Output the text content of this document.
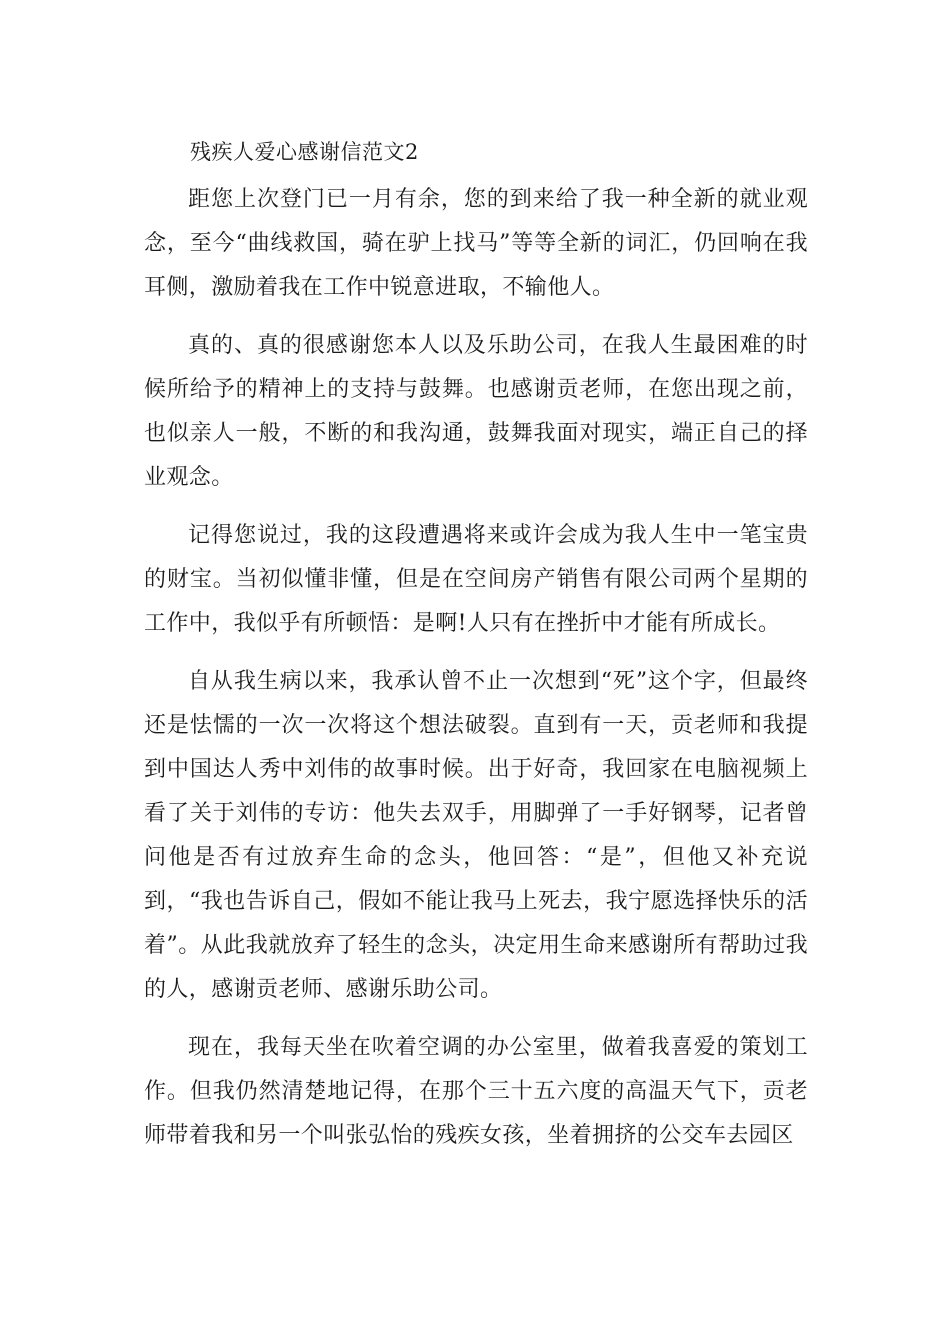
残疾人爱心感谢信范文2

距您上次登门已一月有余，您的到来给了我一种全新的就业观念，至今“曲线救国，骑在驴上找马”等等全新的词汇，仍回响在我耳侧，激励着我在工作中锐意进取，不输他人。

真的、真的很感谢您本人以及乐助公司，在我人生最困难的时候所给予的精神上的支持与鼓舞。也感谢贡老师，在您出现之前，也似亲人一般，不断的和我沟通，鼓舞我面对现实，端正自己的择业观念。

记得您说过，我的这段遭遇将来或许会成为我人生中一笔宝贵的财宝。当初似懂非懂，但是在空间房产销售有限公司两个星期的工作中，我似乎有所顿悟：是啊!人只有在挫折中才能有所成长。

自从我生病以来，我承认曾不止一次想到“死”这个字，但最终还是怯懦的一次一次将这个想法破裂。直到有一天，贡老师和我提到中国达人秀中刘伟的故事时候。出于好奇，我回家在电脑视频上看了关于刘伟的专访：他失去双手，用脚弹了一手好钢琴，记者曾问他是否有过放弃生命的念头，他回答：“是”，但他又补充说到，“我也告诉自己，假如不能让我马上死去，我宁愿选择快乐的活着”。从此我就放弃了轻生的念头，决定用生命来感谢所有帮助过我的人，感谢贡老师、感谢乐助公司。

现在，我每天坐在吹着空调的办公室里，做着我喜爱的策划工作。但我仍然清楚地记得，在那个三十五六度的高温天气下，贡老师带着我和另一个叫张弘怡的残疾女孩，坐着拥挤的公交车去园区
